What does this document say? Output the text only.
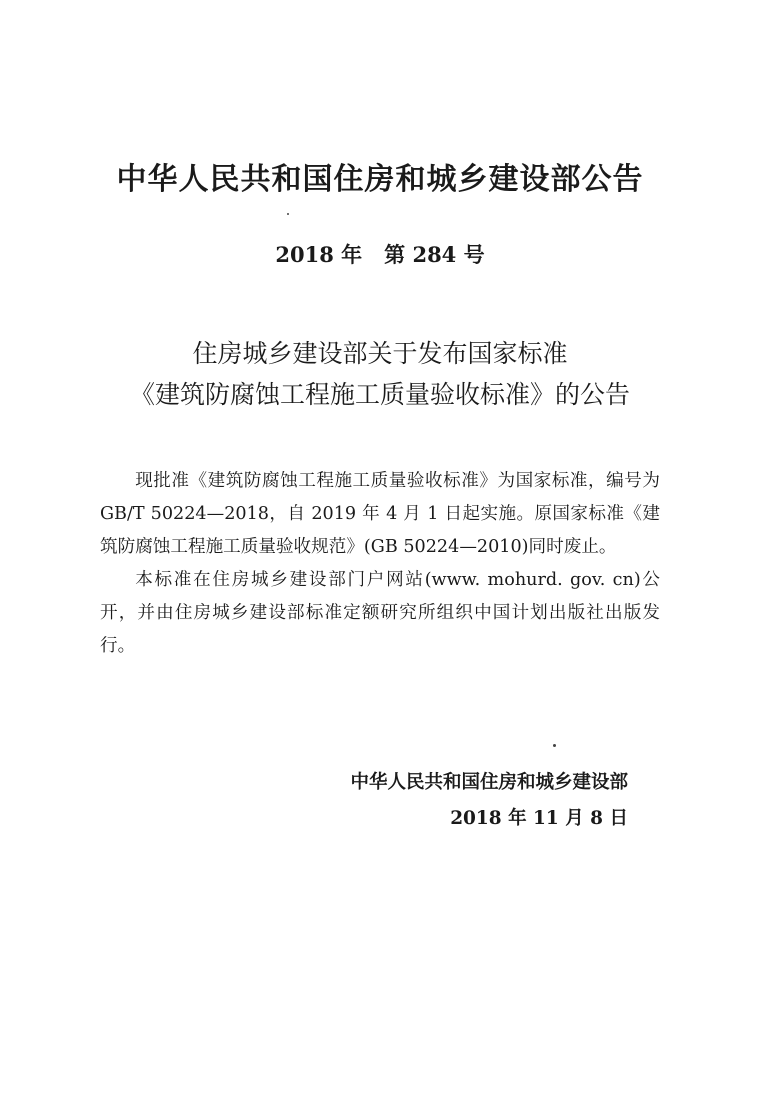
中华人民共和国住房和城乡建设部公告
2018 年 第 284 号
住房城乡建设部关于发布国家标准
《建筑防腐蚀工程施工质量验收标准》的公告

现批准《建筑防腐蚀工程施工质量验收标准》为国家标准，编号为GB/T 50224—2018，自 2019 年 4 月 1 日起实施。原国家标准《建筑防腐蚀工程施工质量验收规范》(GB 50224—2010)同时废止。

本标准在住房城乡建设部门户网站(www. mohurd. gov. cn)公开，并由住房城乡建设部标准定额研究所组织中国计划出版社出版发行。

中华人民共和国住房和城乡建设部
2018 年 11 月 8 日
